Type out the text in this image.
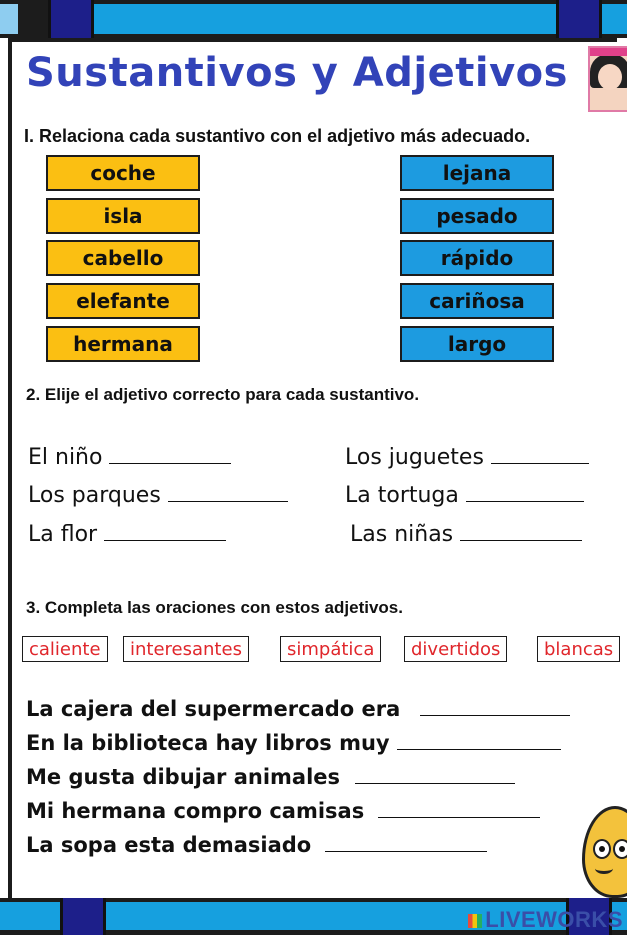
Sustantivos y Adjetivos
I. Relaciona cada sustantivo con el adjetivo más adecuado.
coche
isla
cabello
elefante
hermana
lejana
pesado
rápido
cariñosa
largo
2. Elije el adjetivo correcto para cada sustantivo.
El niño
Los parques
La flor
Los juguetes
La tortuga
Las niñas
3. Completa las oraciones con estos adjetivos.
caliente	interesantes	simpática	divertidos	blancas
La cajera del supermercado era
En la biblioteca hay libros muy
Me gusta dibujar animales
Mi hermana compro camisas
La sopa esta demasiado
LIVEWORKS
